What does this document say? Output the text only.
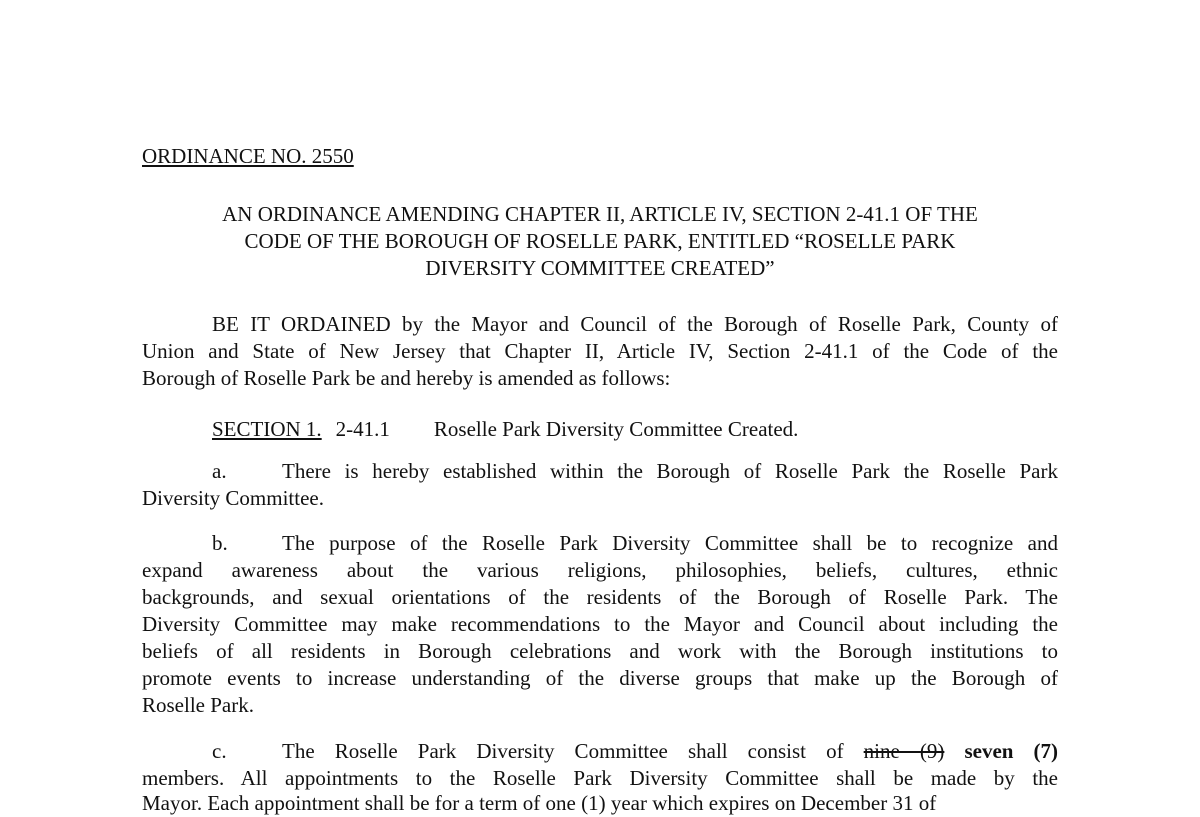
ORDINANCE NO. 2550
AN ORDINANCE AMENDING CHAPTER II, ARTICLE IV, SECTION 2-41.1 OF THE
CODE OF THE BOROUGH OF ROSELLE PARK, ENTITLED “ROSELLE PARK
DIVERSITY COMMITTEE CREATED”
BE IT ORDAINED by the Mayor and Council of the Borough of Roselle Park, County of
Union and State of New Jersey that Chapter II, Article IV, Section 2-41.1 of the Code of the
Borough of Roselle Park be and hereby is amended as follows:
SECTION 1. 2-41.1 Roselle Park Diversity Committee Created.
a.	There is hereby established within the Borough of Roselle Park the Roselle Park
Diversity Committee.
b.	The purpose of the Roselle Park Diversity Committee shall be to recognize and
expand awareness about the various religions, philosophies, beliefs, cultures, ethnic
backgrounds, and sexual orientations of the residents of the Borough of Roselle Park. The
Diversity Committee may make recommendations to the Mayor and Council about including the
beliefs of all residents in Borough celebrations and work with the Borough institutions to
promote events to increase understanding of the diverse groups that make up the Borough of
Roselle Park.
c.	The Roselle Park Diversity Committee shall consist of nine (9) seven (7)
members. All appointments to the Roselle Park Diversity Committee shall be made by the
Mayor. Each appointment shall be for a term of one (1) year which expires on December 31 of
